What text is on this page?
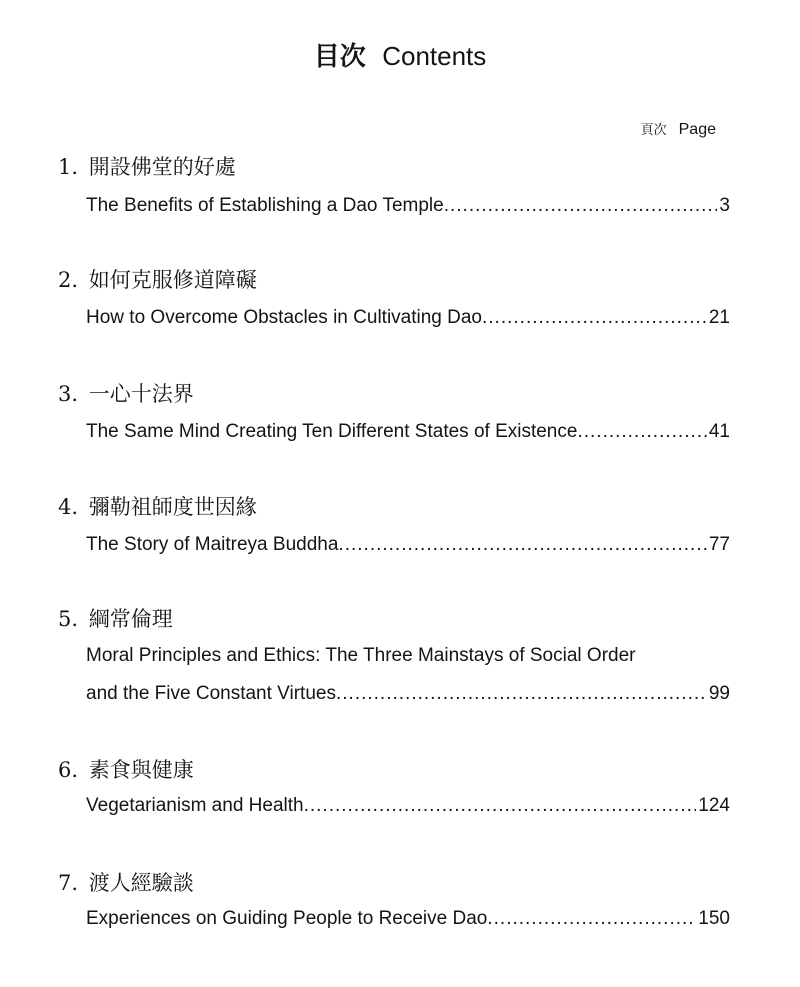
目次 Contents
頁次 Page
1. 開設佛堂的好處
The Benefits of Establishing a Dao Temple .....	3
2. 如何克服修道障礙
How to Overcome Obstacles in Cultivating Dao .....	21
3. 一心十法界
The Same Mind Creating Ten Different States of Existence .....	41
4. 彌勒祖師度世因緣
The Story of Maitreya Buddha .....	77
5. 綱常倫理
Moral Principles and Ethics: The Three Mainstays of Social Order
and the Five Constant Virtues .....	99
6. 素食與健康
Vegetarianism and Health .....	124
7. 渡人經驗談
Experiences on Guiding People to Receive Dao .....	150
